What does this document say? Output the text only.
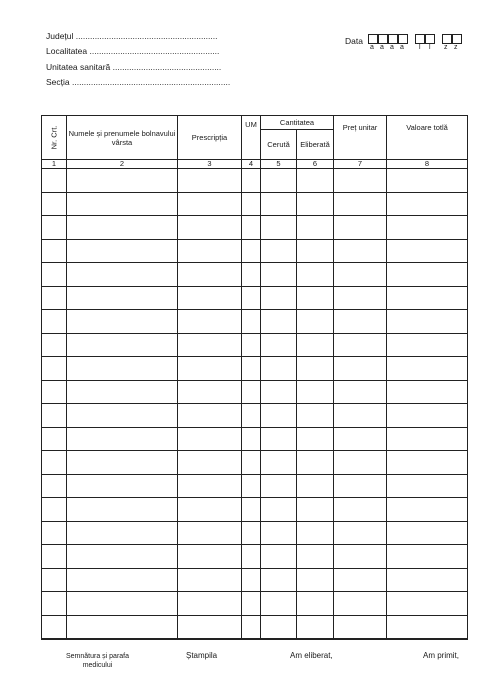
Județul ............................................................
Localitatea .......................................................
Unitatea sanitară ..............................................
Secția ...................................................................
Data
a a a a l l z z
Nr. Crt.	Numele și prenumele bolnavului vârsta	Prescripția	UM	Cantitatea		Preț unitar	Valoare totlă
				Cerută	Eliberată		
1	2	3	4	5	6	7	8

Semnătura și parafa medicului
Ștampila	Am eliberat,	Am primit,
